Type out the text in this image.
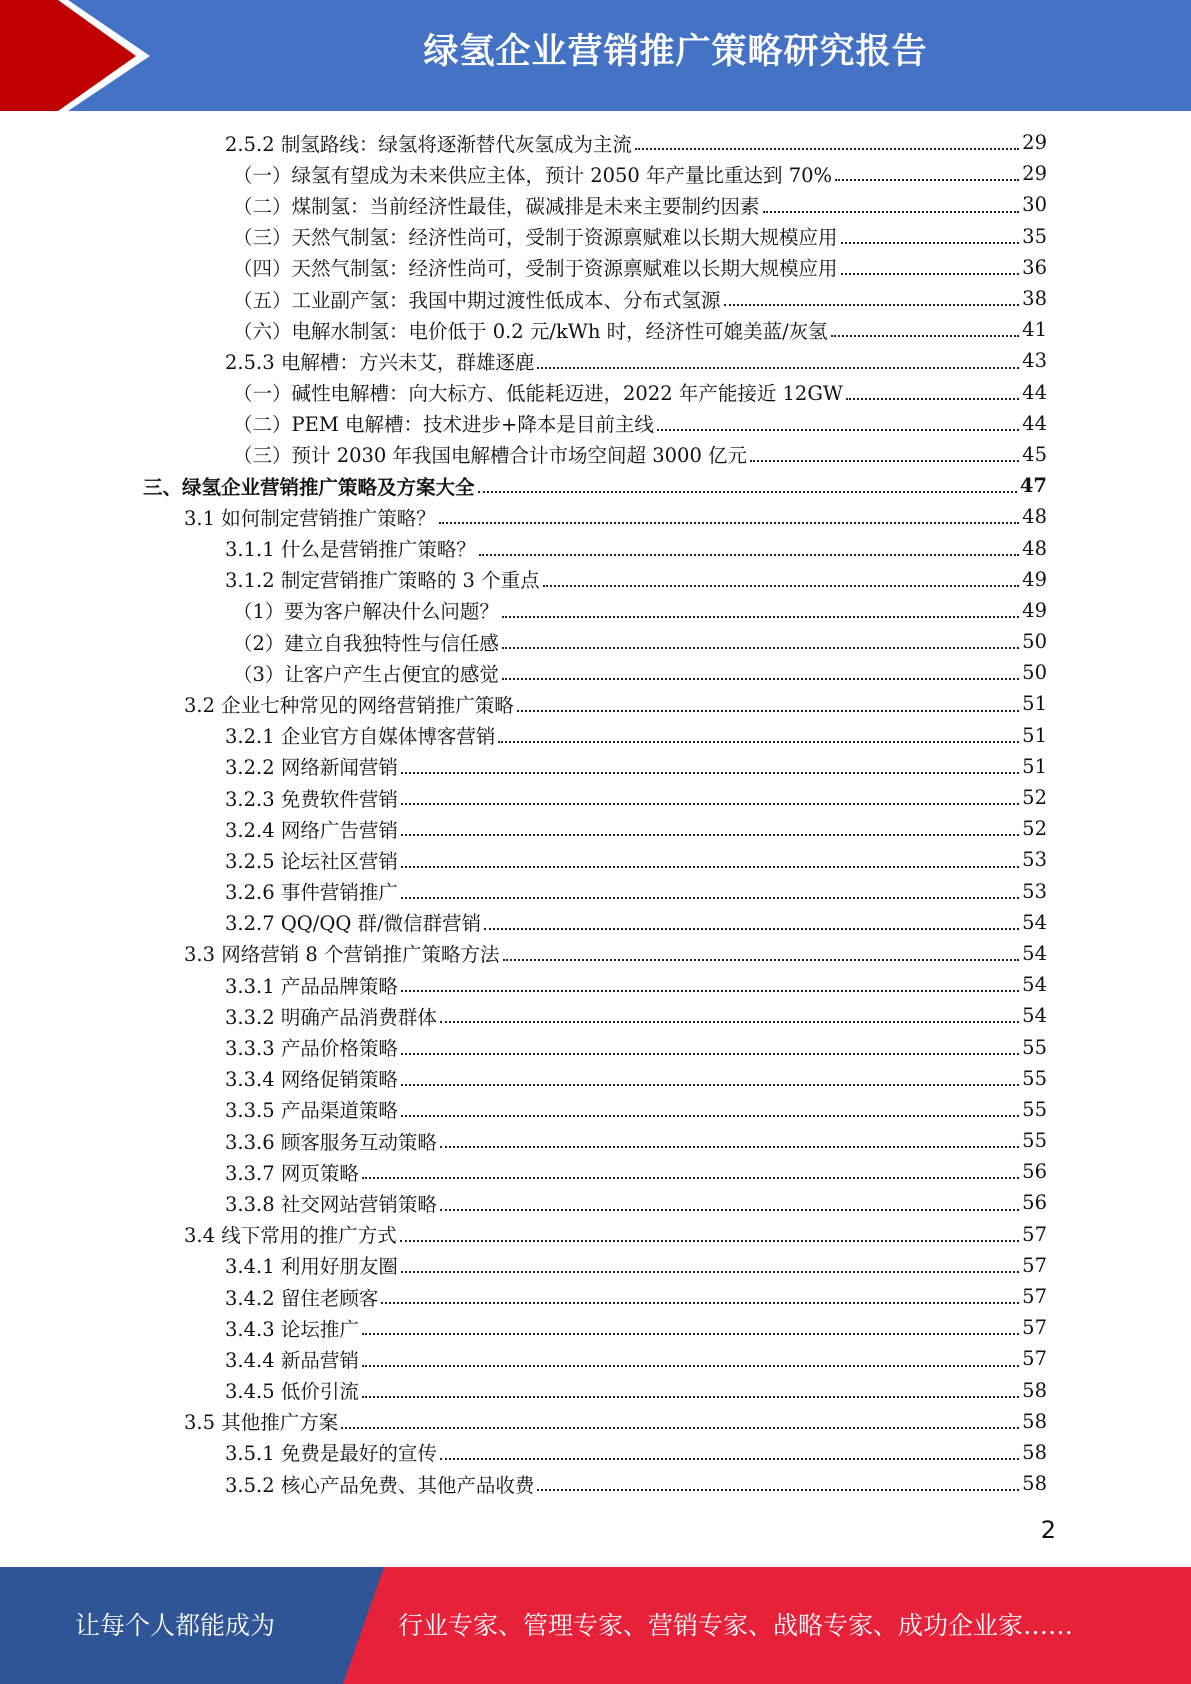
绿氢企业营销推广策略研究报告
2.5.2 制氢路线：绿氢将逐渐替代灰氢成为主流	29
（一）绿氢有望成为未来供应主体，预计 2050 年产量比重达到 70%	29
（二）煤制氢：当前经济性最佳，碳减排是未来主要制约因素	30
（三）天然气制氢：经济性尚可，受制于资源禀赋难以长期大规模应用	35
（四）天然气制氢：经济性尚可，受制于资源禀赋难以长期大规模应用	36
（五）工业副产氢：我国中期过渡性低成本、分布式氢源	38
（六）电解水制氢：电价低于 0.2 元/kWh 时，经济性可媲美蓝/灰氢	41
2.5.3 电解槽：方兴未艾，群雄逐鹿	43
（一）碱性电解槽：向大标方、低能耗迈进，2022 年产能接近 12GW	44
（二）PEM 电解槽：技术进步+降本是目前主线	44
（三）预计 2030 年我国电解槽合计市场空间超 3000 亿元	45
三、绿氢企业营销推广策略及方案大全	47
3.1 如何制定营销推广策略？	48
3.1.1 什么是营销推广策略？	48
3.1.2 制定营销推广策略的 3 个重点	49
（1）要为客户解决什么问题？	49
（2）建立自我独特性与信任感	50
（3）让客户产生占便宜的感觉	50
3.2 企业七种常见的网络营销推广策略	51
3.2.1 企业官方自媒体博客营销	51
3.2.2 网络新闻营销	51
3.2.3 免费软件营销	52
3.2.4 网络广告营销	52
3.2.5 论坛社区营销	53
3.2.6 事件营销推广	53
3.2.7 QQ/QQ 群/微信群营销	54
3.3 网络营销 8 个营销推广策略方法	54
3.3.1 产品品牌策略	54
3.3.2 明确产品消费群体	54
3.3.3 产品价格策略	55
3.3.4 网络促销策略	55
3.3.5 产品渠道策略	55
3.3.6 顾客服务互动策略	55
3.3.7 网页策略	56
3.3.8 社交网站营销策略	56
3.4 线下常用的推广方式	57
3.4.1 利用好朋友圈	57
3.4.2 留住老顾客	57
3.4.3 论坛推广	57
3.4.4 新品营销	57
3.4.5 低价引流	58
3.5 其他推广方案	58
3.5.1 免费是最好的宣传	58
3.5.2 核心产品免费、其他产品收费	58
2
让每个人都能成为	行业专家、管理专家、营销专家、战略专家、成功企业家……
